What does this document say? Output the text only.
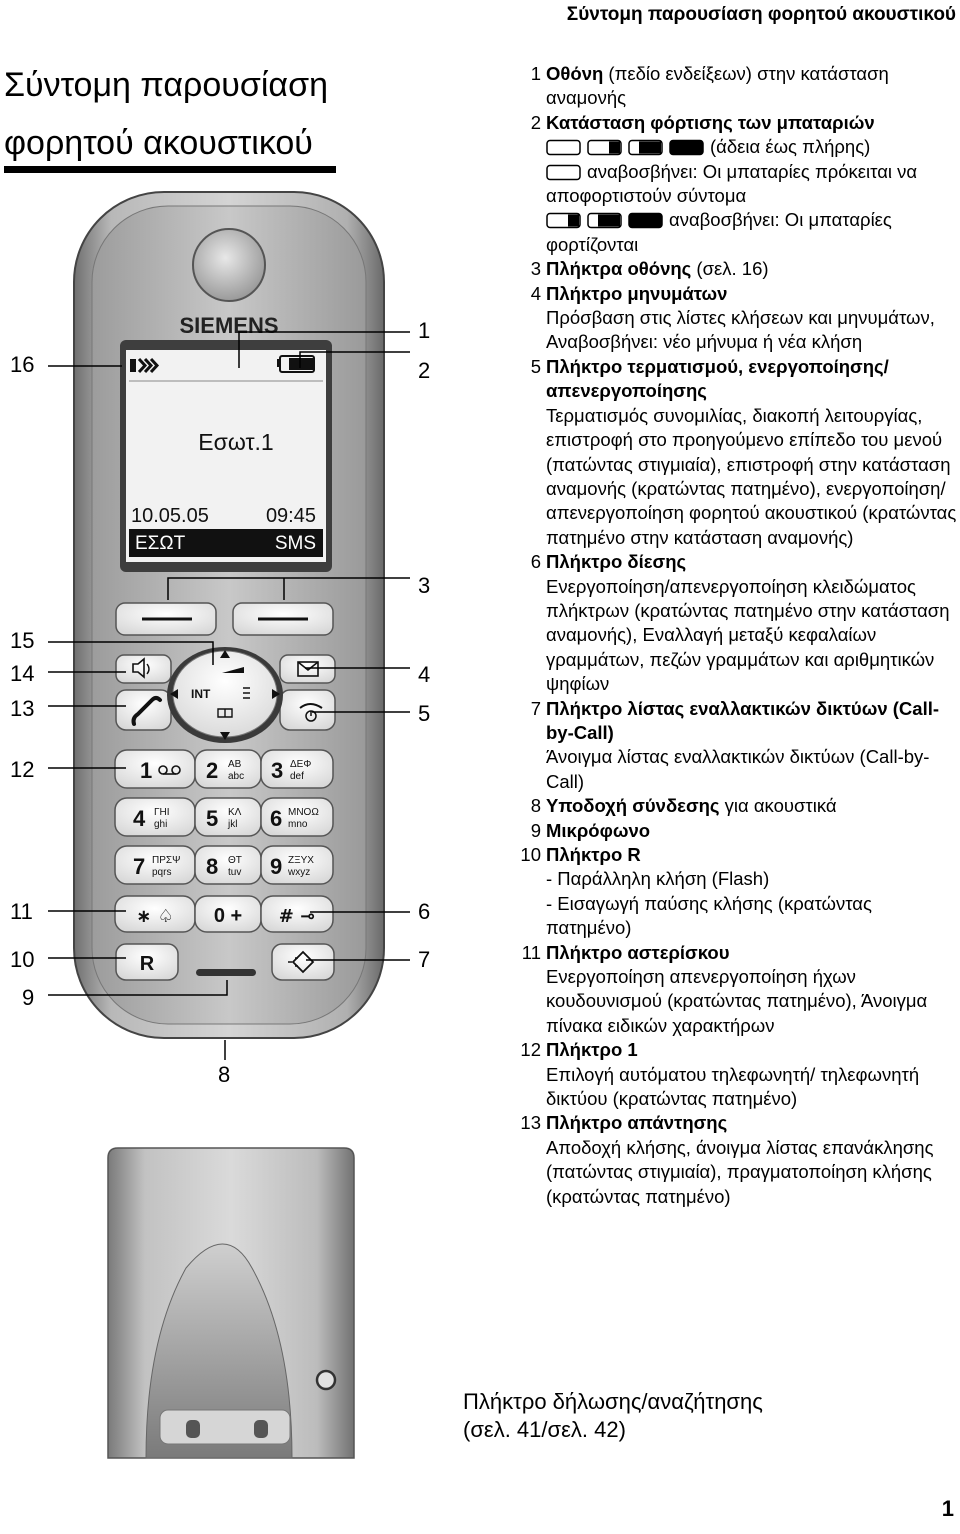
Σύντομη παρουσίαση φορητού ακουστικού
Σύντομη παρουσίαση
φορητού ακουστικού
SIEMENS
Εσωτ.1
10.05.05	09:45
ΕΣΩΤ	SMS
INT
1 2 ΑΒ
abc 3 ΔΕΦ
def
4 ΓΗΙ
ghi 5 ΚΛ
jkl 6 ΜΝΟΩ
mno
7 ΠΡΣΨ
pqrs 8 ΘΤ
tuv 9 ΖΞΥΧ
wxyz
∗ ♤ 0 + # ⊸
R
1
2
3
4
5
6
7
8
9
10
11
12
13
14
15
16
1 Οθόνη (πεδίο ενδείξεων) στην κατάσταση αναμονής
2 Κατάσταση φόρτισης των μπαταριών
(άδεια έως πλήρης)
αναβοσβήνει: Οι μπαταρίες πρόκειται να αποφορτιστούν σύντομα
αναβοσβήνει: Οι μπαταρίες φορτίζονται
3 Πλήκτρα οθόνης (σελ. 16)
4 Πλήκτρο μηνυμάτων
Πρόσβαση στις λίστες κλήσεων και μηνυμάτων, Αναβοσβήνει: νέο μήνυμα ή νέα κλήση
5 Πλήκτρο τερματισμού, ενεργοποίησης/ απενεργοποίησης
Τερματισμός συνομιλίας, διακοπή λειτουργίας, επιστροφή στο προηγούμενο επίπεδο του μενού (πατώντας στιγμιαία), επιστροφή στην κατάσταση αναμονής (κρατώντας πατημένο), ενεργοποίηση/ απενεργοποίηση φορητού ακουστικού (κρατώντας πατημένο στην κατάσταση αναμονής)
6 Πλήκτρο δίεσης
Ενεργοποίηση/απενεργοποίηση κλειδώματος πλήκτρων (κρατώντας πατημένο στην κατάσταση αναμονής), Εναλλαγή μεταξύ κεφαλαίων γραμμάτων, πεζών γραμμάτων και αριθμητικών ψηφίων
7 Πλήκτρο λίστας εναλλακτικών δικτύων (Call-by-Call)
Άνοιγμα λίστας εναλλακτικών δικτύων (Call-by-Call)
8 Υποδοχή σύνδεσης για ακουστικά
9 Μικρόφωνο
10 Πλήκτρο R
- Παράλληλη κλήση (Flash)
- Εισαγωγή παύσης κλήσης (κρατώντας πατημένο)
11 Πλήκτρο αστερίσκου
Ενεργοποίηση απενεργοποίηση ήχων κουδουνισμού (κρατώντας πατημένο), Άνοιγμα πίνακα ειδικών χαρακτήρων
12 Πλήκτρο 1
Επιλογή αυτόματου τηλεφωνητή/ τηλεφωνητή δικτύου (κρατώντας πατημένο)
13 Πλήκτρο απάντησης
Αποδοχή κλήσης, άνοιγμα λίστας επανάκλησης (πατώντας στιγμιαία), πραγματοποίηση κλήσης (κρατώντας πατημένο)
Πλήκτρο δήλωσης/αναζήτησης
(σελ. 41/σελ. 42)
1
